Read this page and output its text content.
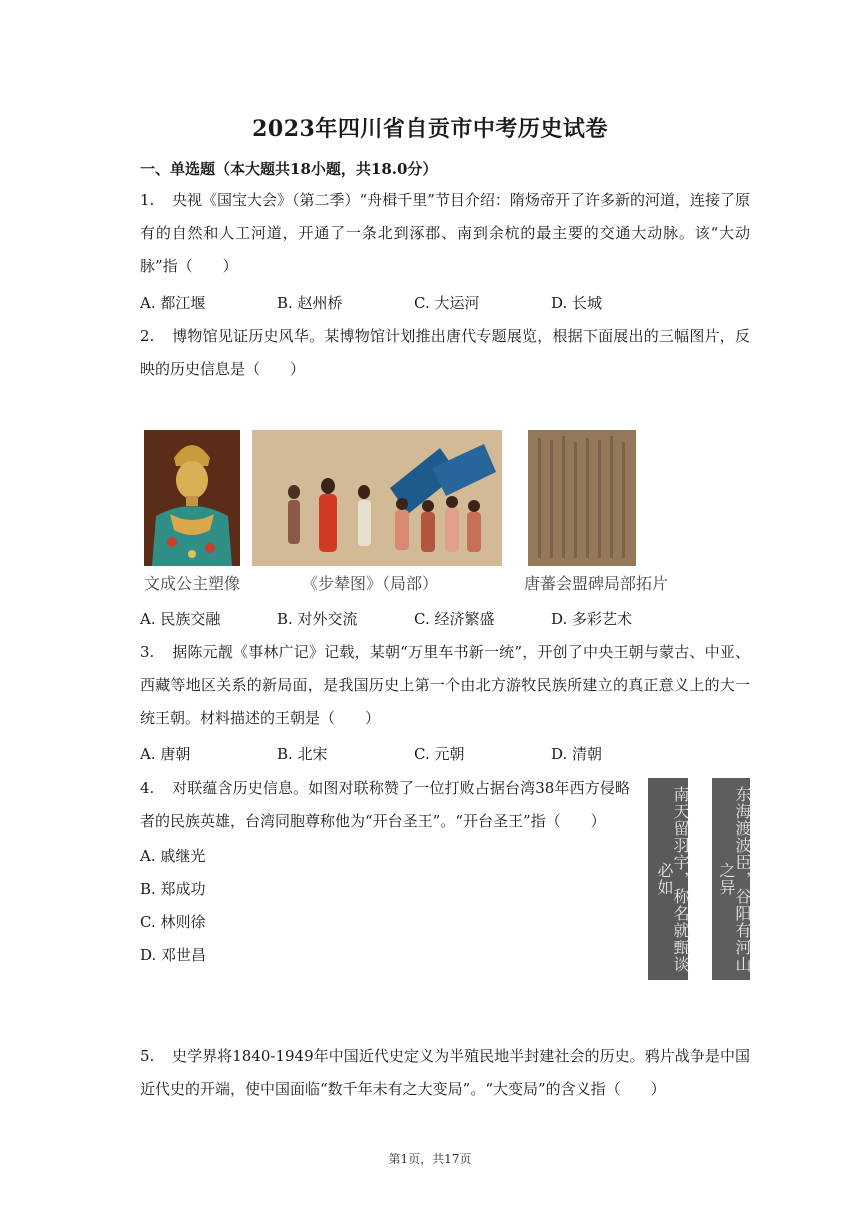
2023年四川省自贡市中考历史试卷
一、单选题（本大题共18小题，共18.0分）
1. 央视《国宝大会》（第二季）“舟楫千里”节目介绍：隋炀帝开了许多新的河道，连接了原有的自然和人工河道，开通了一条北到涿郡、南到余杭的最主要的交通大动脉。该“大动脉”指（　　）
A. 都江堰	B. 赵州桥	C. 大运河	D. 长城
2. 博物馆见证历史风华。某博物馆计划推出唐代专题展览，根据下面展出的三幅图片，反映的历史信息是（　　）
文成公主塑像	《步辇图》（局部）	唐蕃会盟碑局部拓片
A. 民族交融	B. 对外交流	C. 经济繁盛	D. 多彩艺术
3. 据陈元靓《事林广记》记载，某朝“万里车书新一统”，开创了中央王朝与蒙古、中亚、西藏等地区关系的新局面，是我国历史上第一个由北方游牧民族所建立的真正意义上的大一统王朝。材料描述的王朝是（　　）
A. 唐朝	B. 北宋	C. 元朝	D. 清朝
4. 对联蕴含历史信息。如图对联称赞了一位打败占据台湾38年西方侵略者的民族英雄，台湾同胞尊称他为“开台圣王”。“开台圣王”指（　　）
A. 戚继光
B. 郑成功
C. 林则徐
D. 邓世昌	南天留羽宇，称名就甄谈必如	东海渡波臣，谷阳有河山之异
5. 史学界将1840-1949年中国近代史定义为半殖民地半封建社会的历史。鸦片战争是中国近代史的开端，使中国面临“数千年未有之大变局”。“大变局”的含义指（　　）
第1页，共17页
